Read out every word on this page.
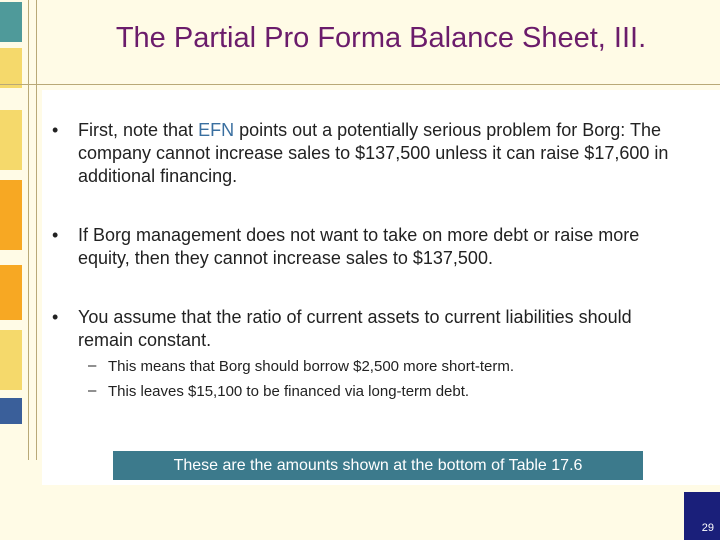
The Partial Pro Forma Balance Sheet, III.
• First, note that EFN points out a potentially serious problem for Borg: The company cannot increase sales to $137,500 unless it can raise $17,600 in additional financing.
• If Borg management does not want to take on more debt or raise more equity, then they cannot increase sales to $137,500.
• You assume that the ratio of current assets to current liabilities should remain constant.
– This means that Borg should borrow $2,500 more short-term.
– This leaves $15,100 to be financed via long-term debt.
These are the amounts shown at the bottom of Table 17.6
29
